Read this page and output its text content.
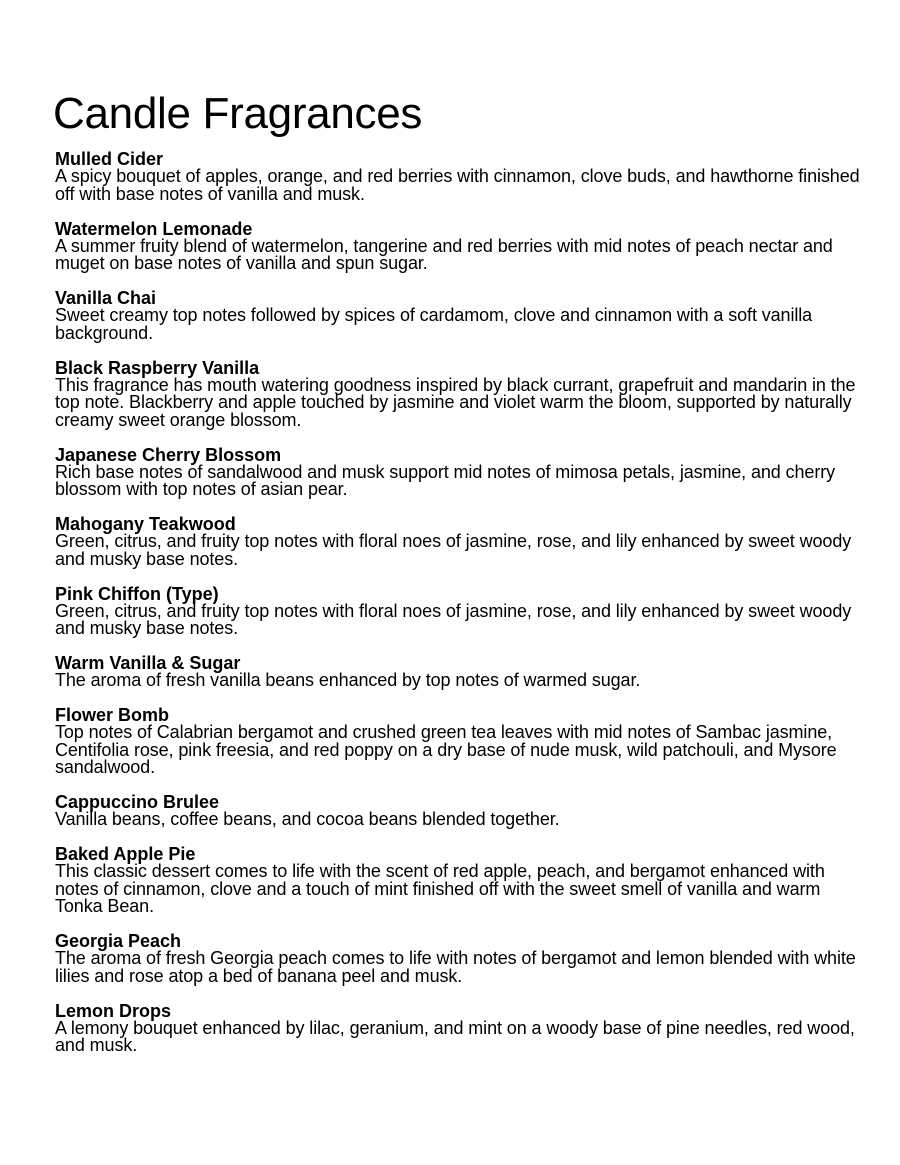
Candle Fragrances
Mulled Cider
A spicy bouquet of apples, orange, and red berries with cinnamon, clove buds, and hawthorne finished off with base notes of vanilla and musk.
Watermelon Lemonade
A summer fruity blend of watermelon, tangerine and red berries with mid notes of peach nectar and muget on base notes of vanilla and spun sugar.
Vanilla Chai
Sweet creamy top notes followed by spices of cardamom, clove and cinnamon with a soft vanilla background.
Black Raspberry Vanilla
This fragrance has mouth watering goodness inspired by black currant, grapefruit and mandarin in the top note. Blackberry and apple touched by jasmine and violet warm the bloom, supported by naturally creamy sweet orange blossom.
Japanese Cherry Blossom
Rich base notes of sandalwood and musk support mid notes of mimosa petals, jasmine, and cherry blossom with top notes of asian pear.
Mahogany Teakwood
Green, citrus, and fruity top notes with floral noes of jasmine, rose, and lily enhanced by sweet woody and musky base notes.
Pink Chiffon (Type)
Green, citrus, and fruity top notes with floral noes of jasmine, rose, and lily enhanced by sweet woody and musky base notes.
Warm Vanilla & Sugar
The aroma of fresh vanilla beans enhanced by top notes of warmed sugar.
Flower Bomb
Top notes of Calabrian bergamot and crushed green tea leaves with mid notes of Sambac jasmine, Centifolia rose, pink freesia, and red poppy on a dry base of nude musk, wild patchouli, and Mysore sandalwood.
Cappuccino Brulee
Vanilla beans, coffee beans, and cocoa beans blended together.
Baked Apple Pie
This classic dessert comes to life with the scent of red apple, peach, and bergamot enhanced with notes of cinnamon, clove and a touch of mint finished off with the sweet smell of vanilla and warm Tonka Bean.
Georgia Peach
The aroma of fresh Georgia peach comes to life with notes of bergamot and lemon blended with white lilies and rose atop a bed of banana peel and musk.
Lemon Drops
A lemony bouquet enhanced by lilac, geranium, and mint on a woody base of pine needles, red wood, and musk.
